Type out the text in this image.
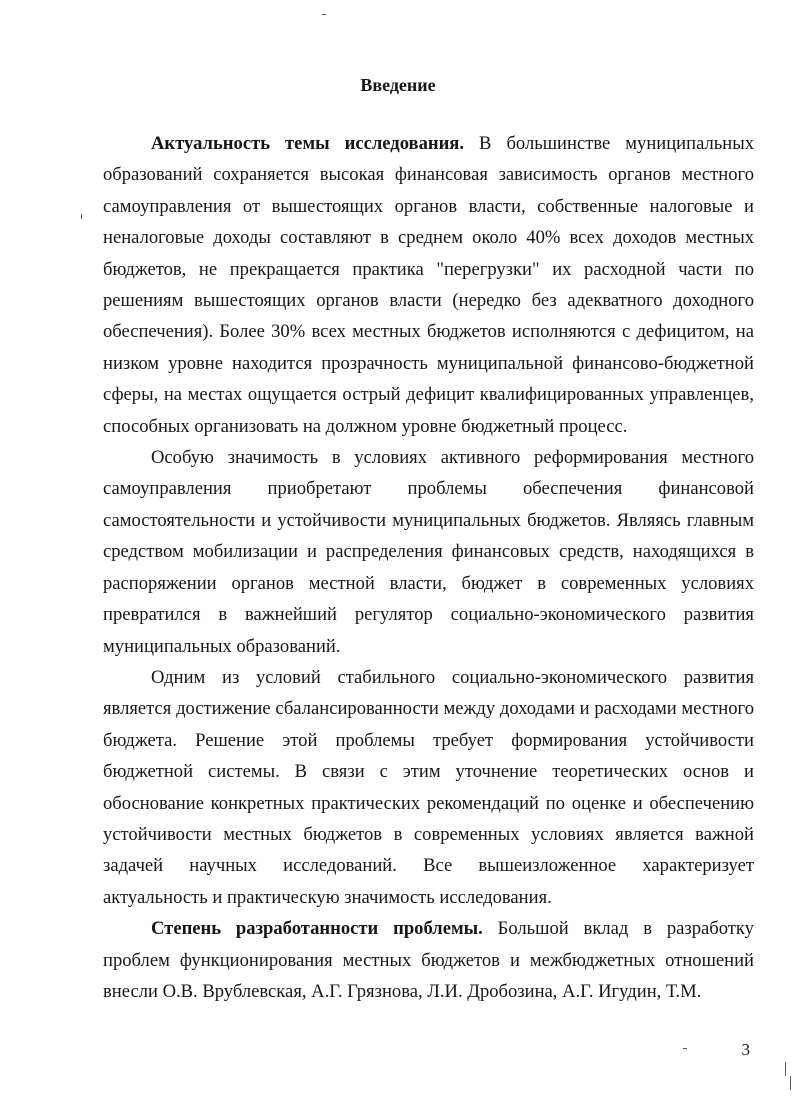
Введение

Актуальность темы исследования. В большинстве муниципальных образований сохраняется высокая финансовая зависимость органов местного самоуправления от вышестоящих органов власти, собственные налоговые и неналоговые доходы составляют в среднем около 40% всех доходов местных бюджетов, не прекращается практика "перегрузки" их расходной части по решениям вышестоящих органов власти (нередко без адекватного доходного обеспечения). Более 30% всех местных бюджетов исполняются с дефицитом, на низком уровне находится прозрачность муниципальной финансово-бюджетной сферы, на местах ощущается острый дефицит квалифицированных управленцев, способных организовать на должном уровне бюджетный процесс.

Особую значимость в условиях активного реформирования местного самоуправления приобретают проблемы обеспечения финансовой самостоятельности и устойчивости муниципальных бюджетов. Являясь главным средством мобилизации и распределения финансовых средств, находящихся в распоряжении органов местной власти, бюджет в современных условиях превратился в важнейший регулятор социально-экономического развития муниципальных образований.

Одним из условий стабильного социально-экономического развития является достижение сбалансированности между доходами и расходами местного бюджета. Решение этой проблемы требует формирования устойчивости бюджетной системы. В связи с этим уточнение теоретических основ и обоснование конкретных практических рекомендаций по оценке и обеспечению устойчивости местных бюджетов в современных условиях является важной задачей научных исследований. Все вышеизложенное характеризует актуальность и практическую значимость исследования.

Степень разработанности проблемы. Большой вклад в разработку проблем функционирования местных бюджетов и межбюджетных отношений внесли О.В. Врублевская, А.Г. Грязнова, Л.И. Дробозина, А.Г. Игудин, Т.М.

3
